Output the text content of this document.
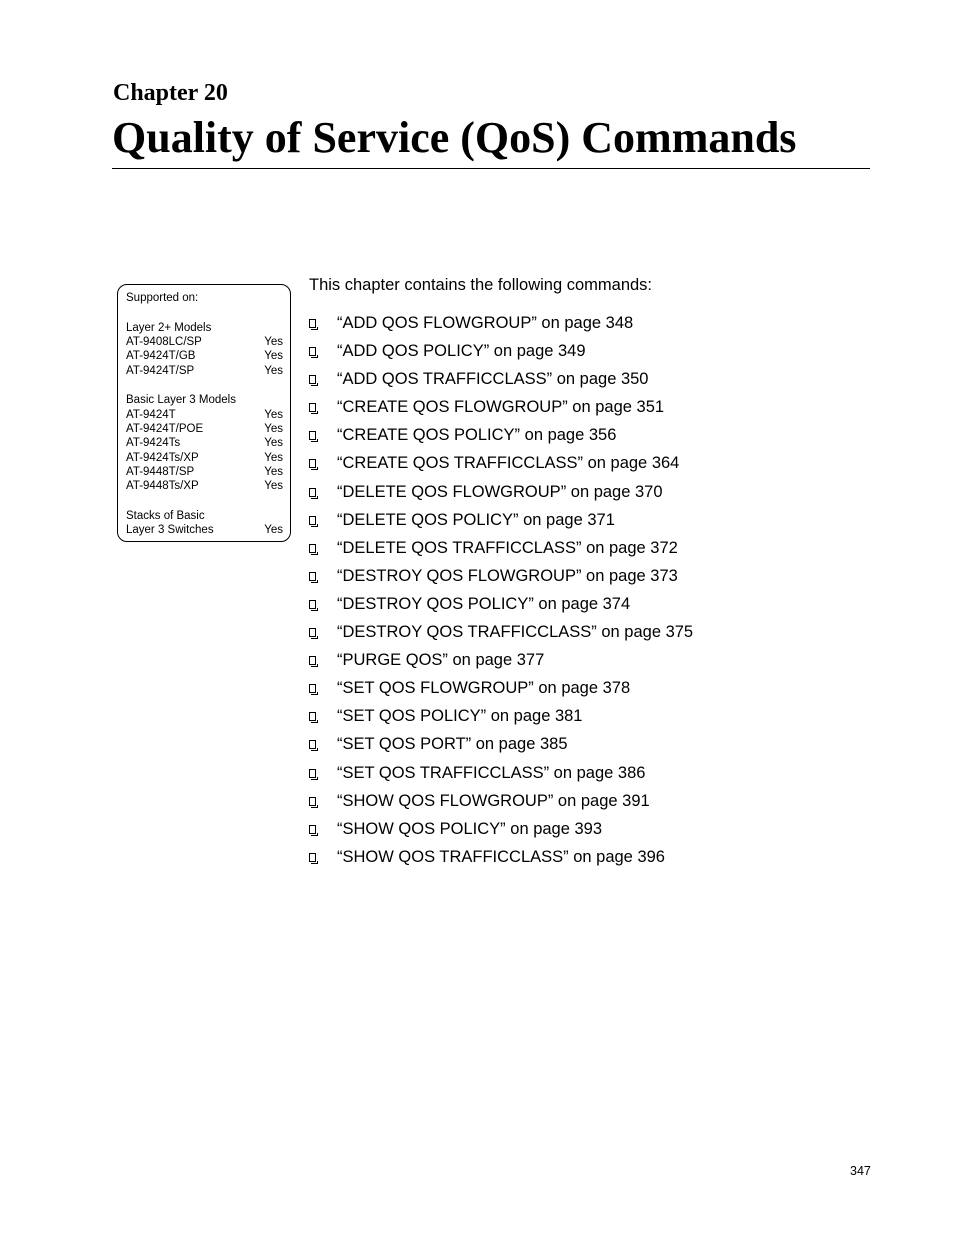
Chapter 20
Quality of Service (QoS) Commands
Supported on:
Layer 2+ Models
AT-9408LC/SP	Yes
AT-9424T/GB	Yes
AT-9424T/SP	Yes
Basic Layer 3 Models
AT-9424T	Yes
AT-9424T/POE	Yes
AT-9424Ts	Yes
AT-9424Ts/XP	Yes
AT-9448T/SP	Yes
AT-9448Ts/XP	Yes
Stacks of Basic
Layer 3 Switches	Yes

This chapter contains the following commands:

“ADD QOS FLOWGROUP” on page 348
“ADD QOS POLICY” on page 349
“ADD QOS TRAFFICCLASS” on page 350
“CREATE QOS FLOWGROUP” on page 351
“CREATE QOS POLICY” on page 356
“CREATE QOS TRAFFICCLASS” on page 364
“DELETE QOS FLOWGROUP” on page 370
“DELETE QOS POLICY” on page 371
“DELETE QOS TRAFFICCLASS” on page 372
“DESTROY QOS FLOWGROUP” on page 373
“DESTROY QOS POLICY” on page 374
“DESTROY QOS TRAFFICCLASS” on page 375
“PURGE QOS” on page 377
“SET QOS FLOWGROUP” on page 378
“SET QOS POLICY” on page 381
“SET QOS PORT” on page 385
“SET QOS TRAFFICCLASS” on page 386
“SHOW QOS FLOWGROUP” on page 391
“SHOW QOS POLICY” on page 393
“SHOW QOS TRAFFICCLASS” on page 396

347
